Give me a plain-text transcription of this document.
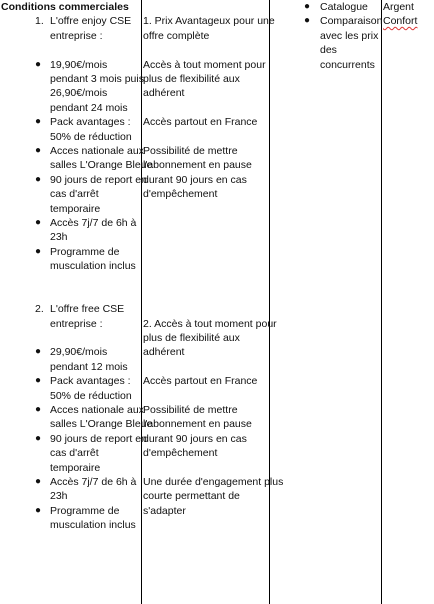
Conditions commerciales
1. L'offre enjoy CSE
entreprise :
● 19,90€/mois
pendant 3 mois puis
26,90€/mois
pendant 24 mois
● Pack avantages :
50% de réduction
● Acces nationale aux
salles L'Orange Bleue
● 90 jours de report en
cas d'arrêt
temporaire
● Accès 7j/7 de 6h à
23h
● Programme de
musculation inclus
2. L'offre free CSE
entreprise :
● 29,90€/mois
pendant 12 mois
● Pack avantages :
50% de réduction
● Acces nationale aux
salles L'Orange Bleue
● 90 jours de report en
cas d'arrêt
temporaire
● Accès 7j/7 de 6h à
23h
● Programme de
musculation inclus
1. Prix Avantageux pour une
offre complète
Accès à tout moment pour
plus de flexibilité aux
adhérent
Accès partout en France
Possibilité de mettre
l'abonnement en pause
durant 90 jours en cas
d'empêchement
2. Accès à tout moment pour
plus de flexibilité aux
adhérent
Accès partout en France
Possibilité de mettre
l'abonnement en pause
durant 90 jours en cas
d'empêchement
Une durée d'engagement plus
courte permettant de
s'adapter
● Catalogue
● Comparaison
avec les prix
des
concurrents
Argent
Confort
